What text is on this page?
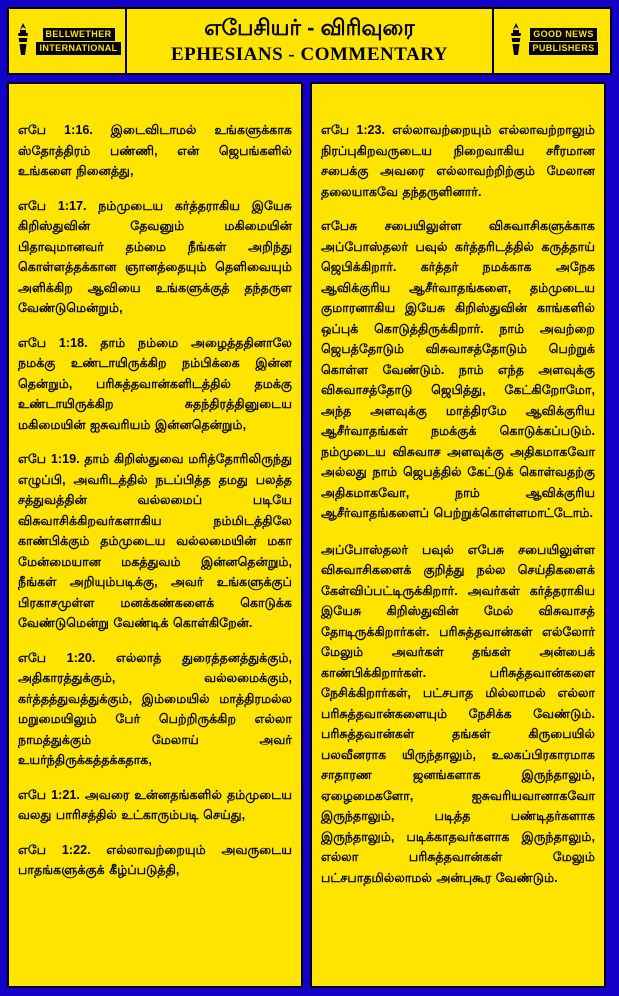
BELLWETHER
INTERNATIONAL
எபேசியர் - விரிவுரை
EPHESIANS - COMMENTARY
GOOD NEWS
PUBLISHERS

எபே 1:16. இடைவிடாமல் உங்களுக்காக ஸ்தோத்திரம் பண்ணி, என் ஜெபங்களில் உங்களை நினைத்து,

எபே 1:17. நம்முடைய கர்த்தராகிய இயேசு கிறிஸ்துவின் தேவனும் மகிமையின் பிதாவுமானவர் தம்மை நீங்கள் அறிந்து கொள்ளத்தக்கான ஞானத்தையும் தெளிவையும் அளிக்கிற ஆவியை உங்களுக்குத் தந்தருள வேண்டுமென்றும்,

எபே 1:18. தாம் நம்மை அழைத்ததினாலே நமக்கு உண்டாயிருக்கிற நம்பிக்கை இன்ன தென்றும், பரிசுத்தவான்களிடத்தில் தமக்கு உண்டாயிருக்கிற சுதந்திரத்தினுடைய மகிமையின் ஐசுவரியம் இன்னதென்றும்,

எபே 1:19. தாம் கிறிஸ்துவை மரித்தோரிலிருந்து எழுப்பி, அவரிடத்தில் நடப்பித்த தமது பலத்த சத்துவத்தின் வல்லமைப் படியே விசுவாசிக்கிறவர்களாகிய நம்மிடத்திலே காண்பிக்கும் தம்முடைய வல்லமையின் மகா மேன்மையான மகத்துவம் இன்னதென்றும், நீங்கள் அறியும்படிக்கு, அவர் உங்களுக்குப் பிரகாசமுள்ள மனக்கண்களைக் கொடுக்க வேண்டுமென்று வேண்டிக் கொள்கிறேன்.

எபே 1:20. எல்லாத் துரைத்தனத்துக்கும், அதிகாரத்துக்கும், வல்லமைக்கும், கர்த்தத்துவத்துக்கும், இம்மையில் மாத்திரமல்ல மறுமையிலும் பேர் பெற்றிருக்கிற எல்லா நாமத்துக்கும் மேலாய் அவர் உயர்ந்திருக்கத்தக்கதாக,

எபே 1:21. அவரை உன்னதங்களில் தம்முடைய வலது பாரிசத்தில் உட்காரும்படி செய்து,

எபே 1:22. எல்லாவற்றையும் அவருடைய பாதங்களுக்குக் கீழ்ப்படுத்தி,

எபே 1:23. எல்லாவற்றையும் எல்லாவற்றாலும் நிரப்புகிறவருடைய நிறைவாகிய சரீரமான சபைக்கு அவரை எல்லாவற்றிற்கும் மேலான தலையாகவே தந்தருளினார்.

எபேசு சபையிலுள்ள விசுவாசிகளுக்காக அப்போஸ்தலர் பவுல் கர்த்தரிடத்தில் கருத்தாய் ஜெபிக்கிறார். கர்த்தர் நமக்காக அநேக ஆவிக்குரிய ஆசீர்வாதங்களை, தம்முடைய குமாரனாகிய இயேசு கிறிஸ்துவின் காங்களில் ஒப்புக் கொடுத்திருக்கிறார். நாம் அவற்றை ஜெபத்தோடும் விசுவாசத்தோடும் பெற்றுக் கொள்ள வேண்டும். நாம் எந்த அளவுக்கு விசுவாசத்தோடு ஜெபித்து, கேட்கிறோமோ, அந்த அளவுக்கு மாத்திரமே ஆவிக்குரிய ஆசீர்வாதங்கள் நமக்குக் கொடுக்கப்படும். நம்முடைய விசுவாச அளவுக்கு அதிகமாகவோ அல்லது நாம் ஜெபத்தில் கேட்டுக் கொள்வதற்கு அதிகமாகவோ, நாம் ஆவிக்குரிய ஆசீர்வாதங்களைப் பெற்றுக்கொள்ளமாட்டோம்.

அப்போஸ்தலர் பவுல் எபேசு சபையிலுள்ள விசுவாசிகளைக் குறித்து நல்ல செய்திகளைக் கேள்விப்பட்டிருக்கிறார். அவர்கள் கர்த்தராகிய இயேசு கிறிஸ்துவின் மேல் விசுவாசத் தோடிருக்கிறார்கள். பரிசுத்தவான்கள் எல்லோர் மேலும் அவர்கள் தங்கள் அன்பைக் காண்பிக்கிறார்கள். பரிசுத்தவான்களை நேசிக்கிறார்கள், பட்சபாத மில்லாமல் எல்லா பரிசுத்தவான்களையும் நேசிக்க வேண்டும். பரிசுத்தவான்கள் தங்கள் கிருபையில் பலவீனராக யிருந்தாலும், உலகப்பிரகாரமாக சாதாரண ஜனங்களாக இருந்தாலும், ஏழைமைகளோ, ஐசுவரியவானாகவோ இருந்தாலும், படித்த பண்டிதர்களாக இருந்தாலும், படிக்காதவர்களாக இருந்தாலும், எல்லா பரிசுத்தவான்கள் மேலும் பட்சபாதமில்லாமல் அன்புகூர வேண்டும்.
